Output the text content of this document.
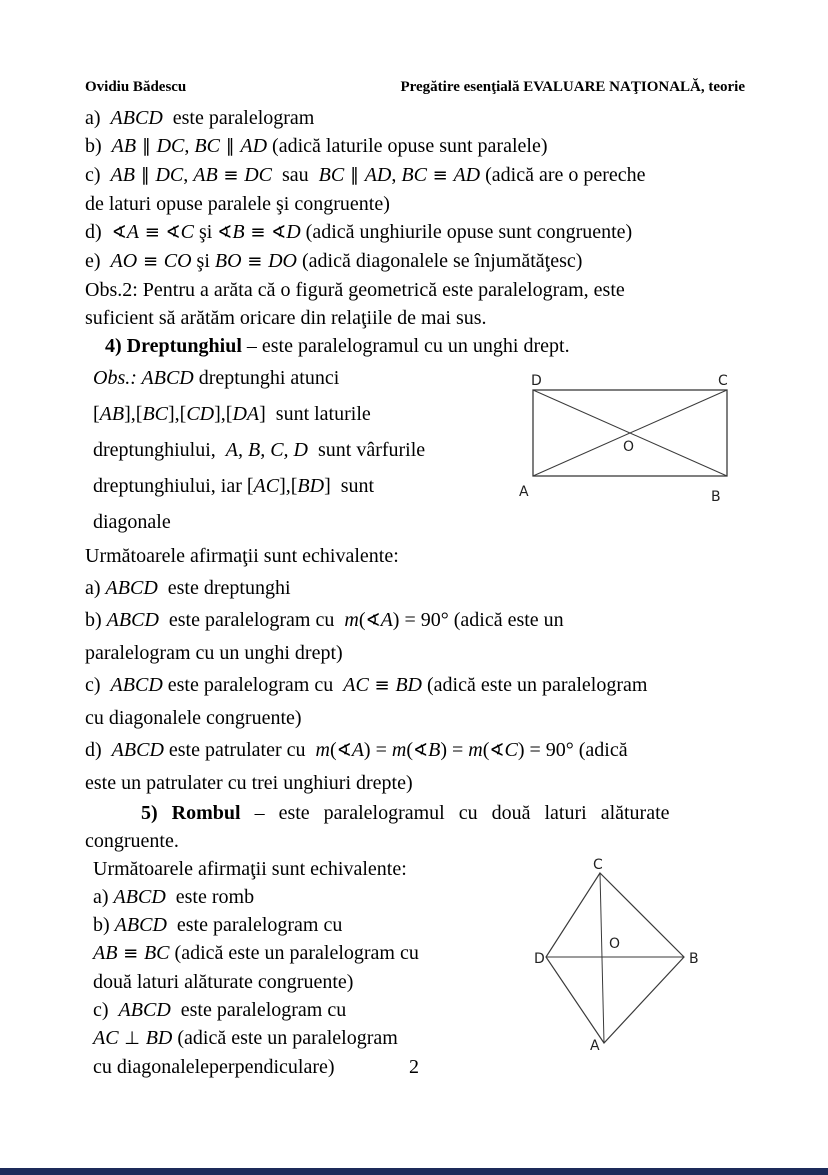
Ovidiu Bădescu	Pregătire esenţială EVALUARE NAŢIONALĂ, teorie
a)  ABCD  este paralelogram
b)  AB ∥ DC, BC ∥ AD (adică laturile opuse sunt paralele)
c)  AB ∥ DC, AB ≡ DC  sau  BC ∥ AD, BC ≡ AD (adică are o pereche
de laturi opuse paralele şi congruente)
d)  ∢A ≡ ∢C şi ∢B ≡ ∢D (adică unghiurile opuse sunt congruente)
e)  AO ≡ CO şi BO ≡ DO (adică diagonalele se înjumătăţesc)
Obs.2: Pentru a arăta că o figură geometrică este paralelogram, este
suficient să arătăm oricare din relaţiile de mai sus.
4) Dreptunghiul – este paralelogramul cu un unghi drept.
Obs.: ABCD dreptunghi atunci
[AB],[BC],[CD],[DA]  sunt laturile
dreptunghiului,  A, B, C, D  sunt vârfurile
dreptunghiului, iar [AC],[BD]  sunt
diagonale
D	C
A	B
O
Următoarele afirmaţii sunt echivalente:
a) ABCD  este dreptunghi
b) ABCD  este paralelogram cu  m(∢A) = 90° (adică este un
paralelogram cu un unghi drept)
c)  ABCD este paralelogram cu  AC ≡ BD (adică este un paralelogram
cu diagonalele congruente)
d)  ABCD este patrulater cu  m(∢A) = m(∢B) = m(∢C) = 90° (adică
este un patrulater cu trei unghiuri drepte)
5) Rombul – este paralelogramul cu două laturi alăturate
congruente.
Următoarele afirmaţii sunt echivalente:
a) ABCD  este romb
b) ABCD  este paralelogram cu
AB ≡ BC (adică este un paralelogram cu
două laturi alăturate congruente)
c)  ABCD  este paralelogram cu
AC ⊥ BD (adică este un paralelogram
cu diagonaleleperpendiculare)
C
D	B
A
O
2
